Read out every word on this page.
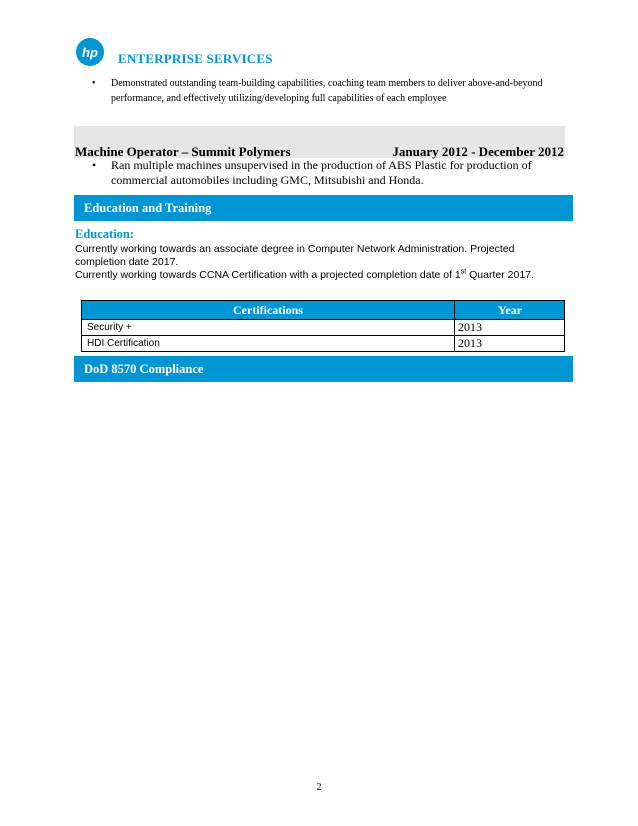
hp ENTERPRISE SERVICES
•	Demonstrated outstanding team-building capabilities, coaching team members to deliver above-and-beyond
performance, and effectively utilizing/developing full capabilities of each employee
Machine Operator – Summit Polymers	January 2012 - December 2012
•	Ran multiple machines unsupervised in the production of ABS Plastic for production of
commercial automobiles including GMC, Mitsubishi and Honda.
Education and Training
Education:
Currently working towards an associate degree in Computer Network Administration. Projected
completion date 2017.
Currently working towards CCNA Certification with a projected completion date of 1st Quarter 2017.
Certifications	Year
Security +	2013
HDI Certification	2013
DoD 8570 Compliance
2
